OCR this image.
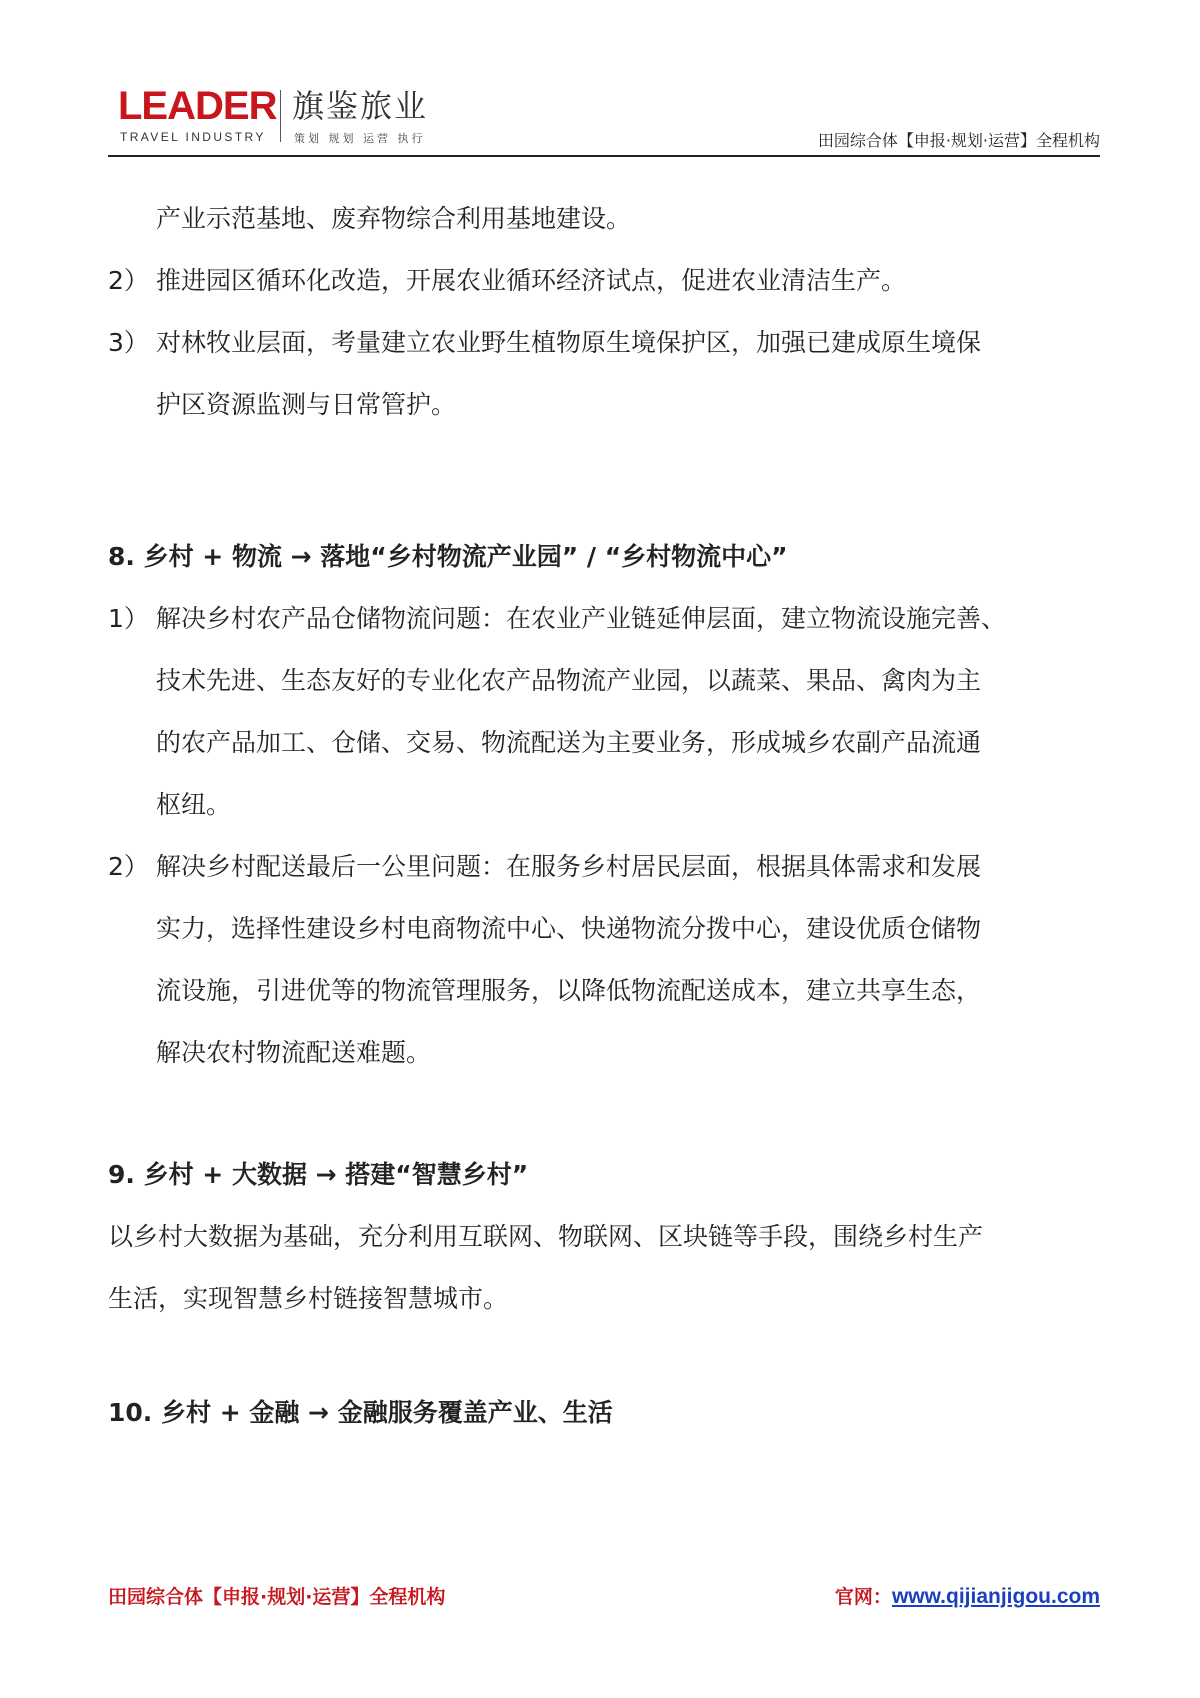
LEADER
TRAVEL INDUSTRY
旗鉴旅业
策划 规划 运营 执行	田园综合体【申报·规划·运营】全程机构

产业示范基地、废弃物综合利用基地建设。

2） 推进园区循环化改造，开展农业循环经济试点，促进农业清洁生产。
3） 对林牧业层面，考量建立农业野生植物原生境保护区，加强已建成原生境保

护区资源监测与日常管护。

8. 乡村 + 物流 → 落地“乡村物流产业园” / “乡村物流中心”

1） 解决乡村农产品仓储物流问题：在农业产业链延伸层面，建立物流设施完善、

技术先进、生态友好的专业化农产品物流产业园，以蔬菜、果品、禽肉为主

的农产品加工、仓储、交易、物流配送为主要业务，形成城乡农副产品流通

枢纽。

2） 解决乡村配送最后一公里问题：在服务乡村居民层面，根据具体需求和发展

实力，选择性建设乡村电商物流中心、快递物流分拨中心，建设优质仓储物

流设施，引进优等的物流管理服务，以降低物流配送成本，建立共享生态，

解决农村物流配送难题。

9. 乡村 + 大数据 → 搭建“智慧乡村”

以乡村大数据为基础，充分利用互联网、物联网、区块链等手段，围绕乡村生产

生活，实现智慧乡村链接智慧城市。

10. 乡村 + 金融 → 金融服务覆盖产业、生活

田园综合体【申报·规划·运营】全程机构	官网：www.qijianjigou.com
